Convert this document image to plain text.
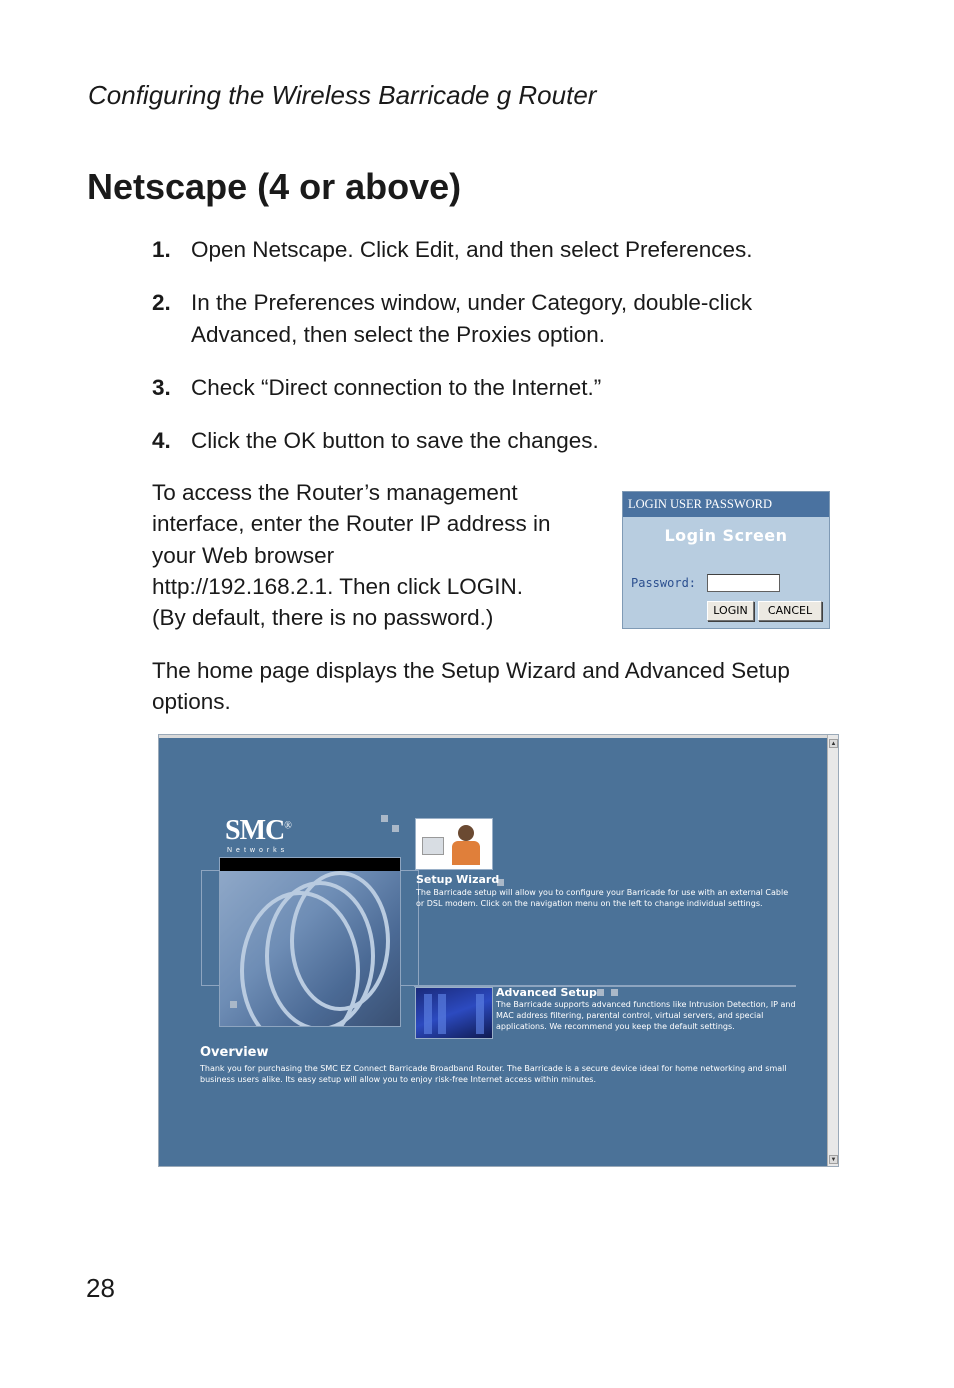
Configuring the Wireless Barricade g Router
Netscape (4 or above)
1. Open Netscape. Click Edit, and then select Preferences.
2. In the Preferences window, under Category, double-click Advanced, then select the Proxies option.
3. Check “Direct connection to the Internet.”
4. Click the OK button to save the changes.
To access the Router’s management
interface, enter the Router IP address in
your Web browser
http://192.168.2.1. Then click LOGIN.
(By default, there is no password.)
LOGIN USER PASSWORD
Login Screen
Password:
LOGIN	CANCEL
The home page displays the Setup Wizard and Advanced Setup options.
SMC®
Networks
Setup Wizard
The Barricade setup will allow you to configure your Barricade for use with an external Cable or DSL modem. Click on the navigation menu on the left to change individual settings.
Advanced Setup
The Barricade supports advanced functions like Intrusion Detection, IP and MAC address filtering, parental control, virtual servers, and special applications. We recommend you keep the default settings.
Overview
Thank you for purchasing the SMC EZ Connect Barricade Broadband Router. The Barricade is a secure device ideal for home networking and small business users alike. Its easy setup will allow you to enjoy risk-free Internet access within minutes.
▲
▼
28
